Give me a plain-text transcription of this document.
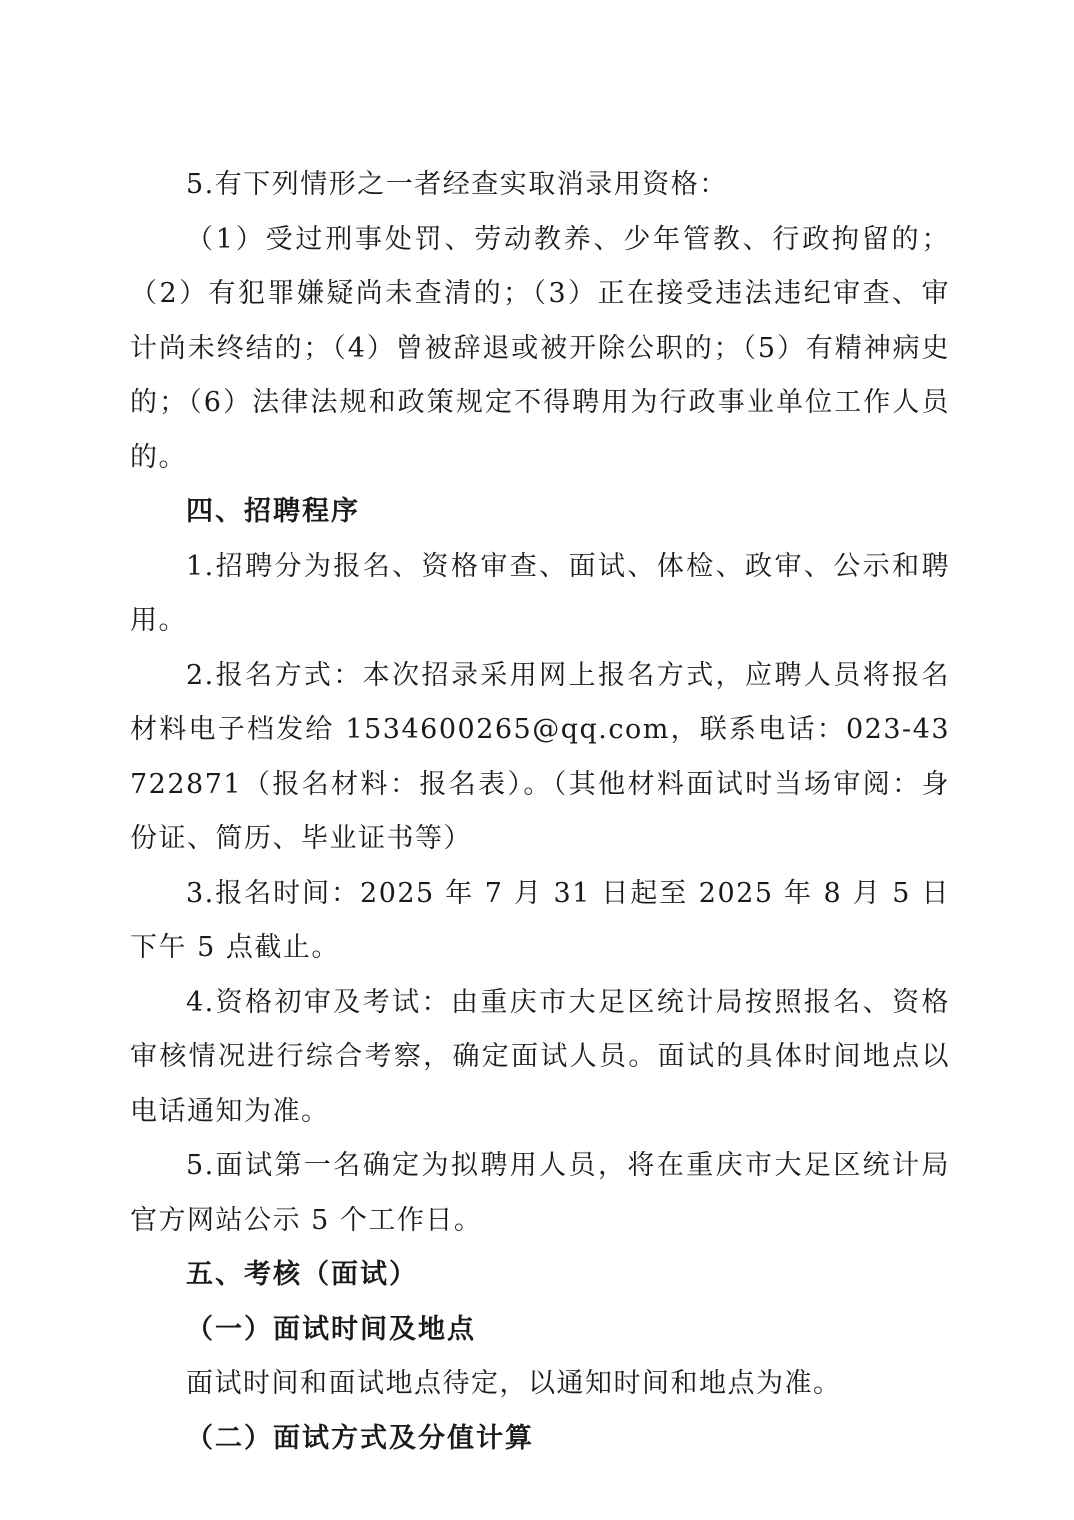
5.有下列情形之一者经查实取消录用资格：

（1）受过刑事处罚、劳动教养、少年管教、行政拘留的；（2）有犯罪嫌疑尚未查清的；（3）正在接受违法违纪审查、审计尚未终结的；（4）曾被辞退或被开除公职的；（5）有精神病史的；（6）法律法规和政策规定不得聘用为行政事业单位工作人员的。

四、招聘程序

1.招聘分为报名、资格审查、面试、体检、政审、公示和聘用。

2.报名方式：本次招录采用网上报名方式，应聘人员将报名材料电子档发给 1534600265@qq.com，联系电话：023-43722871（报名材料：报名表）。（其他材料面试时当场审阅：身份证、简历、毕业证书等）

3.报名时间：2025 年 7 月 31 日起至 2025 年 8 月 5 日下午 5 点截止。

4.资格初审及考试：由重庆市大足区统计局按照报名、资格审核情况进行综合考察，确定面试人员。面试的具体时间地点以电话通知为准。

5.面试第一名确定为拟聘用人员，将在重庆市大足区统计局官方网站公示 5 个工作日。

五、考核（面试）

（一）面试时间及地点

面试时间和面试地点待定，以通知时间和地点为准。

（二）面试方式及分值计算
